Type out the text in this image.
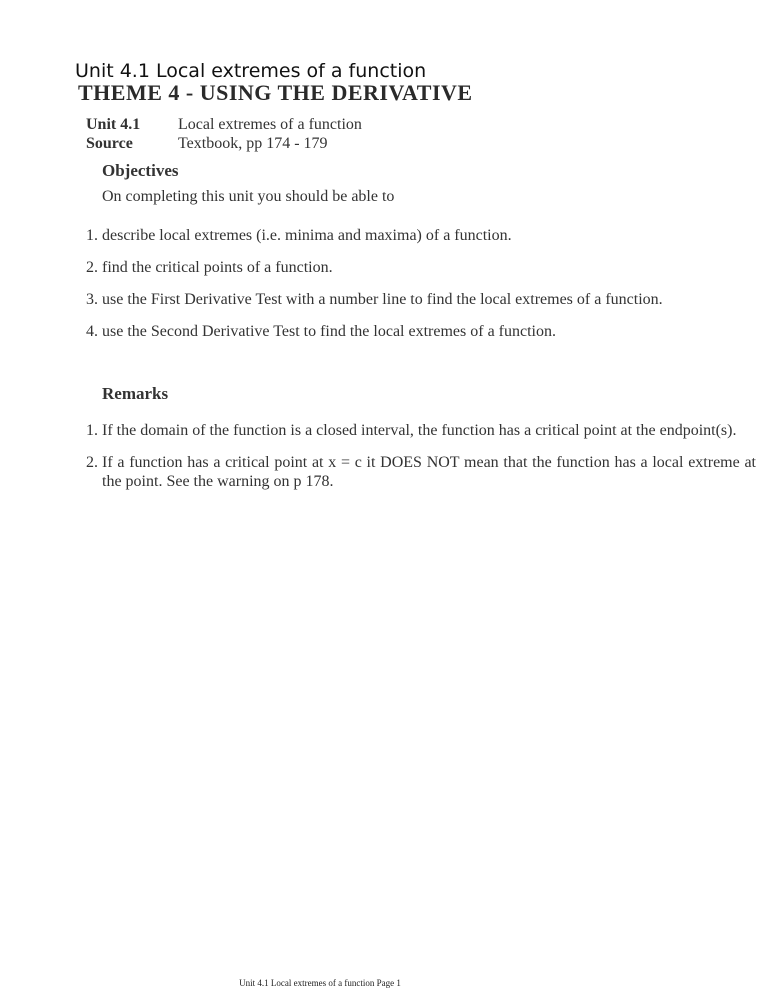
Unit 4.1 Local extremes of a function
THEME 4 - USING THE DERIVATIVE
Unit 4.1	Local extremes of a function
Source	Textbook, pp 174 - 179
Objectives
On completing this unit you should be able to
1. describe local extremes (i.e. minima and maxima) of a function.
2. find the critical points of a function.
3. use the First Derivative Test with a number line to find the local extremes of a function.
4. use the Second Derivative Test to find the local extremes of a function.
Remarks
1. If the domain of the function is a closed interval, the function has a critical point at the endpoint(s).
2. If a function has a critical point at x = c it DOES NOT mean that the function has a local extreme at the point. See the warning on p 178.
Unit 4.1 Local extremes of a function Page 1
